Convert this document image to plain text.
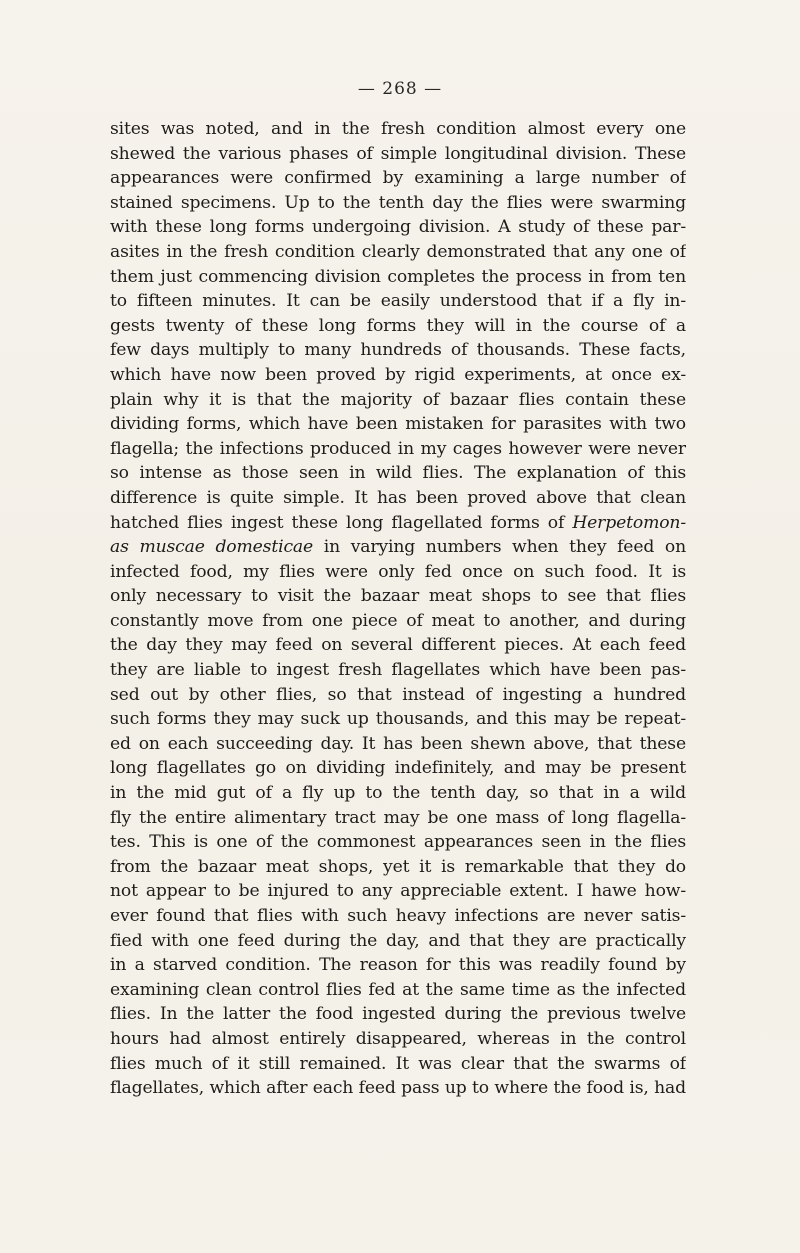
— 268 —
sites was noted, and in the fresh condition almost every one
shewed the various phases of simple longitudinal division. These
appearances were confirmed by examining a large number of
stained specimens. Up to the tenth day the flies were swarming
with these long forms undergoing division. A study of these par-
asites in the fresh condition clearly demonstrated that any one of
them just commencing division completes the process in from ten
to fifteen minutes. It can be easily understood that if a fly in-
gests twenty of these long forms they will in the course of a
few days multiply to many hundreds of thousands. These facts,
which have now been proved by rigid experiments, at once ex-
plain why it is that the majority of bazaar flies contain these
dividing forms, which have been mistaken for parasites with two
flagella; the infections produced in my cages however were never
so intense as those seen in wild flies. The explanation of this
difference is quite simple. It has been proved above that clean
hatched flies ingest these long flagellated forms of Herpetomon-
as muscae domesticae in varying numbers when they feed on
infected food, my flies were only fed once on such food. It is
only necessary to visit the bazaar meat shops to see that flies
constantly move from one piece of meat to another, and during
the day they may feed on several different pieces. At each feed
they are liable to ingest fresh flagellates which have been pas-
sed out by other flies, so that instead of ingesting a hundred
such forms they may suck up thousands, and this may be repeat-
ed on each succeeding day. It has been shewn above, that these
long flagellates go on dividing indefinitely, and may be present
in the mid gut of a fly up to the tenth day, so that in a wild
fly the entire alimentary tract may be one mass of long flagella-
tes. This is one of the commonest appearances seen in the flies
from the bazaar meat shops, yet it is remarkable that they do
not appear to be injured to any appreciable extent. I hawe how-
ever found that flies with such heavy infections are never satis-
fied with one feed during the day, and that they are practically
in a starved condition. The reason for this was readily found by
examining clean control flies fed at the same time as the infected
flies. In the latter the food ingested during the previous twelve
hours had almost entirely disappeared, whereas in the control
flies much of it still remained. It was clear that the swarms of
flagellates, which after each feed pass up to where the food is, had
